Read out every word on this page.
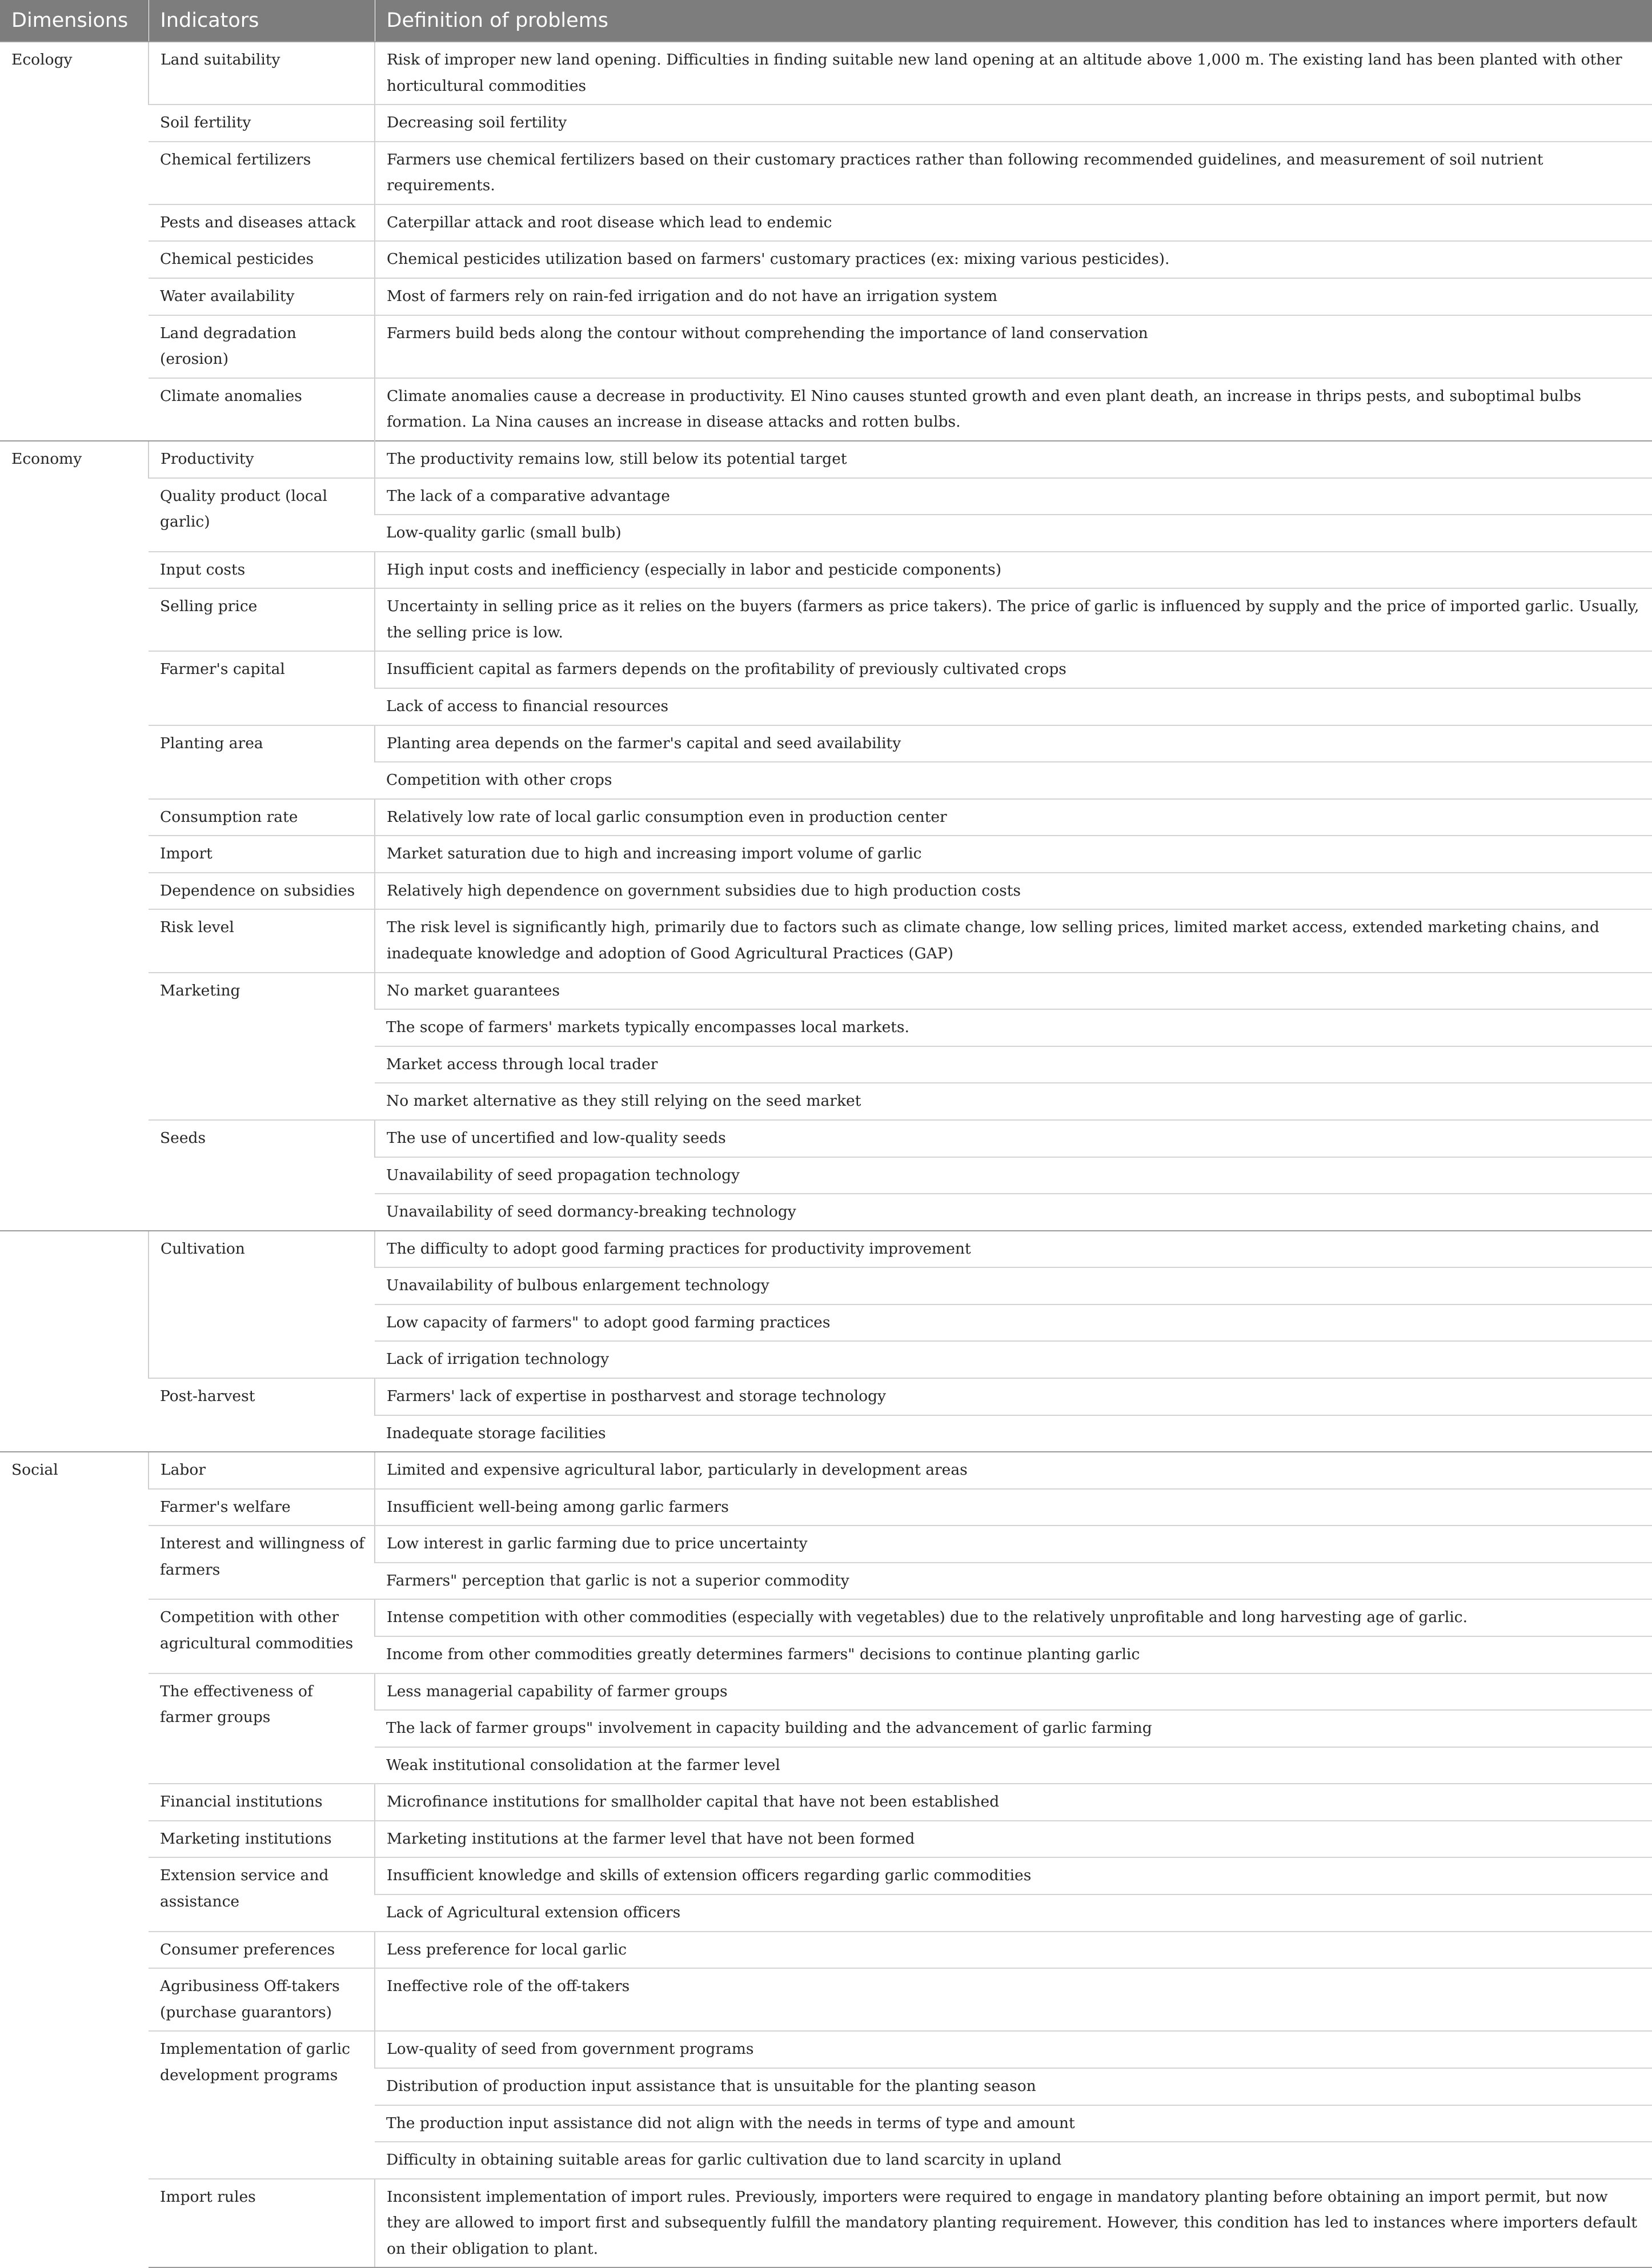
Dimensions	Indicators	Definition of problems
Ecology	Land suitability	Risk of improper new land opening. Difficulties in finding suitable new land opening at an altitude above 1,000 m. The existing land has been planted with other horticultural commodities
	Soil fertility	Decreasing soil fertility
	Chemical fertilizers	Farmers use chemical fertilizers based on their customary practices rather than following recommended guidelines, and measurement of soil nutrient requirements.
	Pests and diseases attack	Caterpillar attack and root disease which lead to endemic
	Chemical pesticides	Chemical pesticides utilization based on farmers' customary practices (ex: mixing various pesticides).
	Water availability	Most of farmers rely on rain-fed irrigation and do not have an irrigation system
	Land degradation (erosion)	Farmers build beds along the contour without comprehending the importance of land conservation
	Climate anomalies	Climate anomalies cause a decrease in productivity. El Nino causes stunted growth and even plant death, an increase in thrips pests, and suboptimal bulbs formation. La Nina causes an increase in disease attacks and rotten bulbs.
Economy	Productivity	The productivity remains low, still below its potential target
	Quality product (local garlic)	The lack of a comparative advantage
		Low-quality garlic (small bulb)
	Input costs	High input costs and inefficiency (especially in labor and pesticide components)
	Selling price	Uncertainty in selling price as it relies on the buyers (farmers as price takers). The price of garlic is influenced by supply and the price of imported garlic. Usually, the selling price is low.
	Farmer's capital	Insufficient capital as farmers depends on the profitability of previously cultivated crops
		Lack of access to financial resources
	Planting area	Planting area depends on the farmer's capital and seed availability
		Competition with other crops
	Consumption rate	Relatively low rate of local garlic consumption even in production center
	Import	Market saturation due to high and increasing import volume of garlic
	Dependence on subsidies	Relatively high dependence on government subsidies due to high production costs
	Risk level	The risk level is significantly high, primarily due to factors such as climate change, low selling prices, limited market access, extended marketing chains, and inadequate knowledge and adoption of Good Agricultural Practices (GAP)
	Marketing	No market guarantees
		The scope of farmers' markets typically encompasses local markets.
		Market access through local trader
		No market alternative as they still relying on the seed market
	Seeds	The use of uncertified and low-quality seeds
		Unavailability of seed propagation technology
		Unavailability of seed dormancy-breaking technology
	Cultivation	The difficulty to adopt good farming practices for productivity improvement
		Unavailability of bulbous enlargement technology
		Low capacity of farmers" to adopt good farming practices
		Lack of irrigation technology
	Post-harvest	Farmers' lack of expertise in postharvest and storage technology
		Inadequate storage facilities
Social	Labor	Limited and expensive agricultural labor, particularly in development areas
	Farmer's welfare	Insufficient well-being among garlic farmers
	Interest and willingness of farmers	Low interest in garlic farming due to price uncertainty
		Farmers" perception that garlic is not a superior commodity
	Competition with other agricultural commodities	Intense competition with other commodities (especially with vegetables) due to the relatively unprofitable and long harvesting age of garlic.
		Income from other commodities greatly determines farmers" decisions to continue planting garlic
	The effectiveness of farmer groups	Less managerial capability of farmer groups
		The lack of farmer groups" involvement in capacity building and the advancement of garlic farming
		Weak institutional consolidation at the farmer level
	Financial institutions	Microfinance institutions for smallholder capital that have not been established
	Marketing institutions	Marketing institutions at the farmer level that have not been formed
	Extension service and assistance	Insufficient knowledge and skills of extension officers regarding garlic commodities
		Lack of Agricultural extension officers
	Consumer preferences	Less preference for local garlic
	Agribusiness Off-takers (purchase guarantors)	Ineffective role of the off-takers
	Implementation of garlic development programs	Low-quality of seed from government programs
		Distribution of production input assistance that is unsuitable for the planting season
		The production input assistance did not align with the needs in terms of type and amount
		Difficulty in obtaining suitable areas for garlic cultivation due to land scarcity in upland
	Import rules	Inconsistent implementation of import rules. Previously, importers were required to engage in mandatory planting before obtaining an import permit, but now they are allowed to import first and subsequently fulfill the mandatory planting requirement. However, this condition has led to instances where importers default on their obligation to plant.
